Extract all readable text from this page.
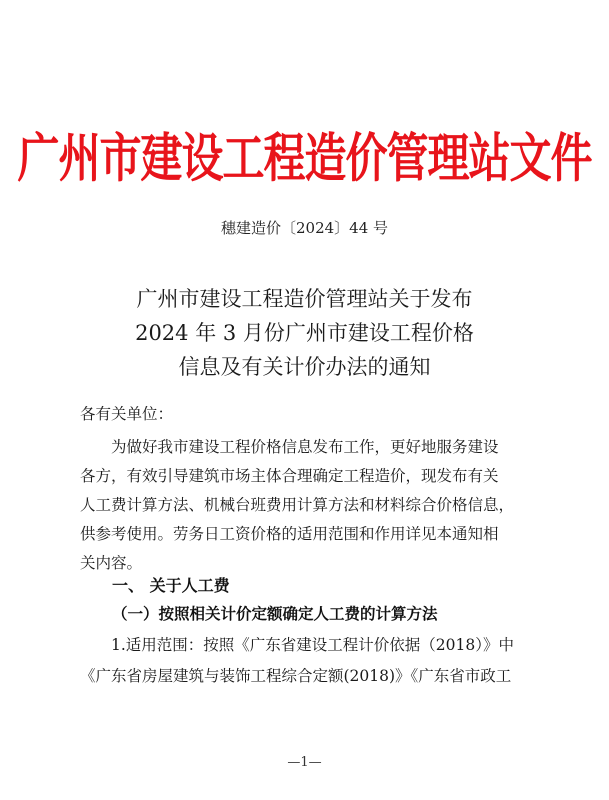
广州市建设工程造价管理站文件
穗建造价〔2024〕44 号
广州市建设工程造价管理站关于发布
2024 年 3 月份广州市建设工程价格
信息及有关计价办法的通知
各有关单位：
为做好我市建设工程价格信息发布工作，更好地服务建设
各方，有效引导建筑市场主体合理确定工程造价，现发布有关
人工费计算方法、机械台班费用计算方法和材料综合价格信息，
供参考使用。劳务日工资价格的适用范围和作用详见本通知相
关内容。
一、 关于人工费
（一）按照相关计价定额确定人工费的计算方法
1.适用范围：按照《广东省建设工程计价依据（2018）》中
《广东省房屋建筑与装饰工程综合定额(2018)》《广东省市政工
—1—
